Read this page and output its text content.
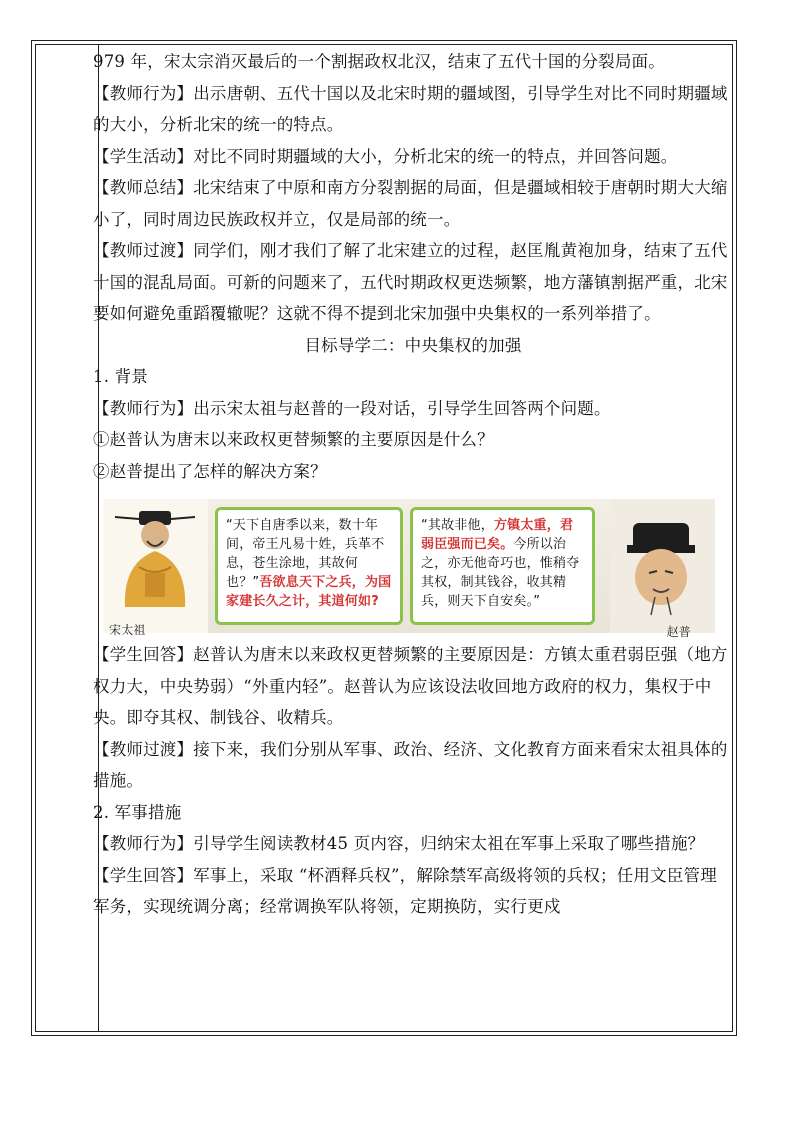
979 年，宋太宗消灭最后的一个割据政权北汉，结束了五代十国的分裂局面。

【教师行为】出示唐朝、五代十国以及北宋时期的疆域图，引导学生对比不同时期疆域的大小，分析北宋的统一的特点。

【学生活动】对比不同时期疆域的大小，分析北宋的统一的特点，并回答问题。

【教师总结】北宋结束了中原和南方分裂割据的局面，但是疆域相较于唐朝时期大大缩小了，同时周边民族政权并立，仅是局部的统一。

【教师过渡】同学们，刚才我们了解了北宋建立的过程，赵匡胤黄袍加身，结束了五代十国的混乱局面。可新的问题来了，五代时期政权更迭频繁，地方藩镇割据严重，北宋要如何避免重蹈覆辙呢？这就不得不提到北宋加强中央集权的一系列举措了。

目标导学二：中央集权的加强

1. 背景

【教师行为】出示宋太祖与赵普的一段对话，引导学生回答两个问题。

①赵普认为唐末以来政权更替频繁的主要原因是什么？

②赵普提出了怎样的解决方案？

“天下自唐季以来，数十年间，帝王凡易十姓，兵革不息，苍生涂地，其故何也？”吾欲息天下之兵，为国家建长久之计，其道何如?
“其故非他，方镇太重，君弱臣强而已矣。今所以治之，亦无他奇巧也，惟稍夺其权，制其钱谷，收其精兵，则天下自安矣。”
宋太祖	赵普

【学生回答】赵普认为唐末以来政权更替频繁的主要原因是：方镇太重君弱臣强（地方权力大，中央势弱）“外重内轻”。赵普认为应该设法收回地方政府的权力，集权于中央。即夺其权、制钱谷、收精兵。

【教师过渡】接下来，我们分别从军事、政治、经济、文化教育方面来看宋太祖具体的措施。

2. 军事措施

【教师行为】引导学生阅读教材45 页内容，归纳宋太祖在军事上采取了哪些措施？

【学生回答】军事上，采取 “杯酒释兵权”，解除禁军高级将领的兵权；任用文臣管理军务，实现统调分离；经常调换军队将领，定期换防，实行更戍
